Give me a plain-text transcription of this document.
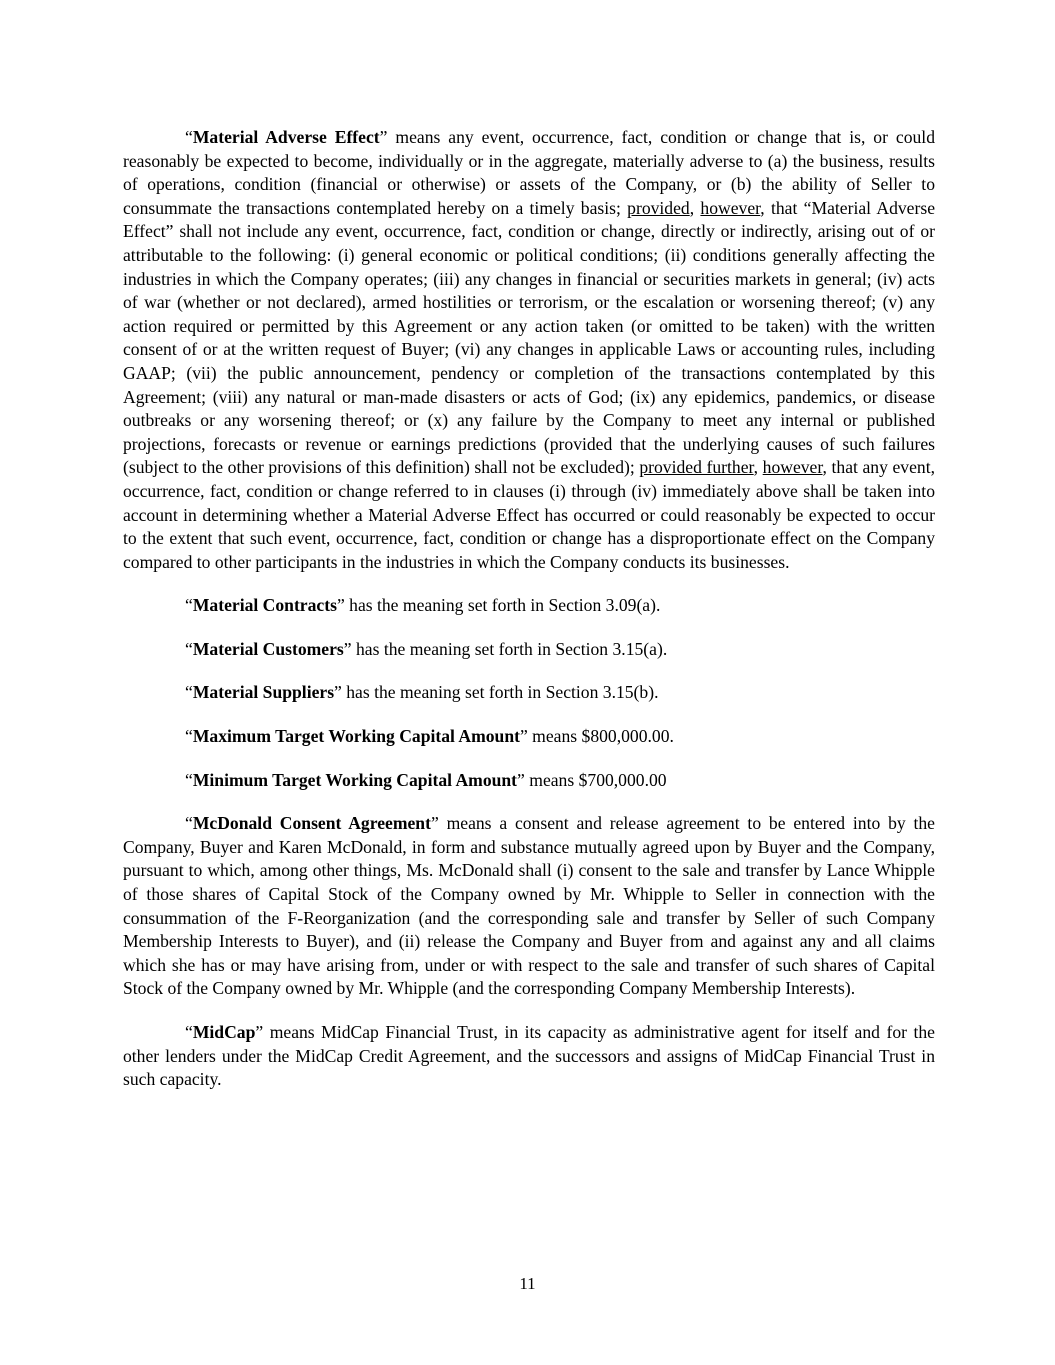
“Material Adverse Effect” means any event, occurrence, fact, condition or change that is, or could reasonably be expected to become, individually or in the aggregate, materially adverse to (a) the business, results of operations, condition (financial or otherwise) or assets of the Company, or (b) the ability of Seller to consummate the transactions contemplated hereby on a timely basis; provided, however, that “Material Adverse Effect” shall not include any event, occurrence, fact, condition or change, directly or indirectly, arising out of or attributable to the following: (i) general economic or political conditions; (ii) conditions generally affecting the industries in which the Company operates; (iii) any changes in financial or securities markets in general; (iv) acts of war (whether or not declared), armed hostilities or terrorism, or the escalation or worsening thereof; (v) any action required or permitted by this Agreement or any action taken (or omitted to be taken) with the written consent of or at the written request of Buyer; (vi) any changes in applicable Laws or accounting rules, including GAAP; (vii) the public announcement, pendency or completion of the transactions contemplated by this Agreement; (viii) any natural or man-made disasters or acts of God; (ix) any epidemics, pandemics, or disease outbreaks or any worsening thereof; or (x) any failure by the Company to meet any internal or published projections, forecasts or revenue or earnings predictions (provided that the underlying causes of such failures (subject to the other provisions of this definition) shall not be excluded); provided further, however, that any event, occurrence, fact, condition or change referred to in clauses (i) through (iv) immediately above shall be taken into account in determining whether a Material Adverse Effect has occurred or could reasonably be expected to occur to the extent that such event, occurrence, fact, condition or change has a disproportionate effect on the Company compared to other participants in the industries in which the Company conducts its businesses.

“Material Contracts” has the meaning set forth in Section 3.09(a).

“Material Customers” has the meaning set forth in Section 3.15(a).

“Material Suppliers” has the meaning set forth in Section 3.15(b).

“Maximum Target Working Capital Amount” means $800,000.00.

“Minimum Target Working Capital Amount” means $700,000.00

“McDonald Consent Agreement” means a consent and release agreement to be entered into by the Company, Buyer and Karen McDonald, in form and substance mutually agreed upon by Buyer and the Company, pursuant to which, among other things, Ms. McDonald shall (i) consent to the sale and transfer by Lance Whipple of those shares of Capital Stock of the Company owned by Mr. Whipple to Seller in connection with the consummation of the F-Reorganization (and the corresponding sale and transfer by Seller of such Company Membership Interests to Buyer), and (ii) release the Company and Buyer from and against any and all claims which she has or may have arising from, under or with respect to the sale and transfer of such shares of Capital Stock of the Company owned by Mr. Whipple (and the corresponding Company Membership Interests).

“MidCap” means MidCap Financial Trust, in its capacity as administrative agent for itself and for the other lenders under the MidCap Credit Agreement, and the successors and assigns of MidCap Financial Trust in such capacity.

11
